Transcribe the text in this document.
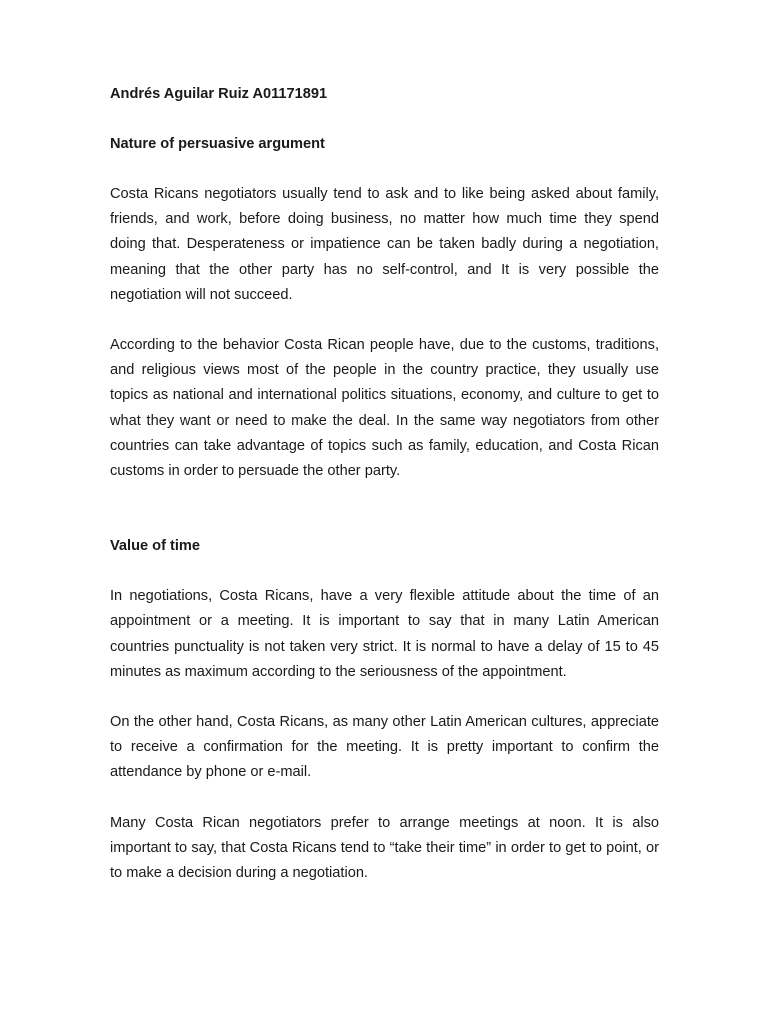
Andrés Aguilar Ruiz A01171891

Nature of persuasive argument

Costa Ricans negotiators usually tend to ask and to like being asked about family, friends, and work, before doing business, no matter how much time they spend doing that. Desperateness or impatience can be taken badly during a negotiation, meaning that the other party has no self-control, and It is very possible the negotiation will not succeed.

According to the behavior Costa Rican people have, due to the customs, traditions, and religious views most of the people in the country practice, they usually use topics as national and international politics situations, economy, and culture to get to what they want or need to make the deal. In the same way negotiators from other countries can take advantage of topics such as family, education, and Costa Rican customs in order to persuade the other party.

Value of time

In negotiations, Costa Ricans, have a very flexible attitude about the time of an appointment or a meeting. It is important to say that in many Latin American countries punctuality is not taken very strict. It is normal to have a delay of 15 to 45 minutes as maximum according to the seriousness of the appointment.

On the other hand, Costa Ricans, as many other Latin American cultures, appreciate to receive a confirmation for the meeting. It is pretty important to confirm the attendance by phone or e-mail.

Many Costa Rican negotiators prefer to arrange meetings at noon. It is also important to say, that Costa Ricans tend to “take their time” in order to get to point, or to make a decision during a negotiation.
